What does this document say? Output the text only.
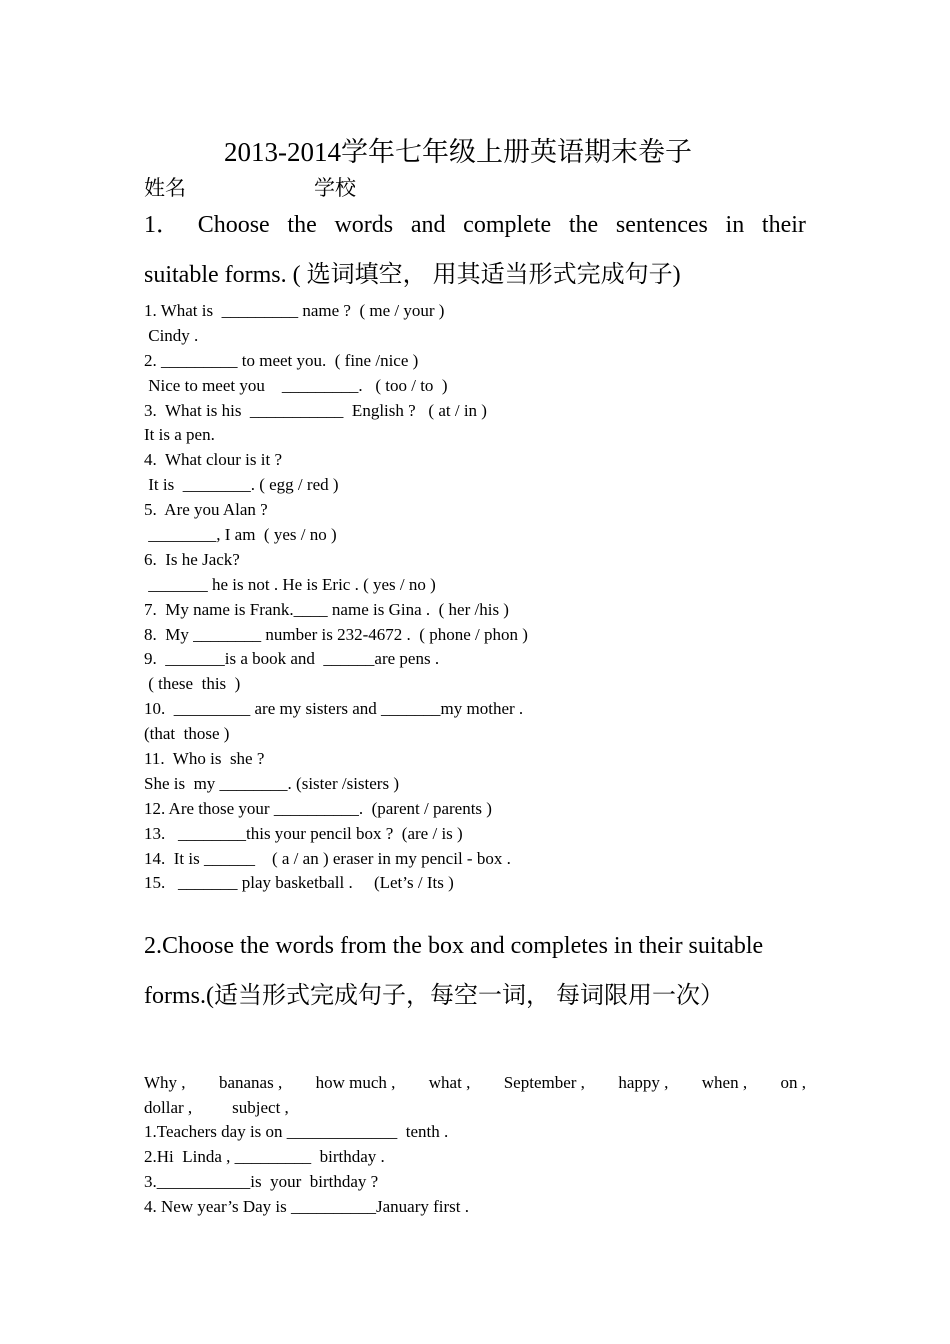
2013-2014学年七年级上册英语期末卷子
姓名	学校
1． Choose the words and complete the sentences in their
suitable forms. ( 选词填空， 用其适当形式完成句子)
1. What is  _________ name ?  ( me / your )
Cindy .
2. _________ to meet you.  ( fine /nice )
Nice to meet you    _________.   ( too / to  )
3.  What is his  ___________  English ?   ( at / in )
It is a pen.
4.  What clour is it ?
It is  ________. ( egg / red )
5.  Are you Alan ?
________, I am  ( yes / no )
6.  Is he Jack?
_______ he is not . He is Eric . ( yes / no )
7.  My name is Frank.____ name is Gina .  ( her /his )
8.  My ________ number is 232-4672 .  ( phone / phon )
9.  _______is a book and  ______are pens .
( these  this  )
10.  _________ are my sisters and _______my mother .
(that  those )
11.  Who is  she ?
She is  my ________. (sister /sisters )
12. Are those your __________.  (parent / parents )
13.   ________this your pencil box ?  (are / is )
14.  It is ______    ( a / an ) eraser in my pencil - box .
15.   _______ play basketball .     (Let’s / Its )
2.Choose the words from the box and completes in their suitable
forms.(适当形式完成句子，每空一词， 每词限用一次）
Why , bananas , how much , what , September , happy , when , on ,
dollar , subject ,
1.Teachers day is on _____________  tenth .
2.Hi  Linda , _________  birthday .
3.___________is  your  birthday ?
4. New year’s Day is __________January first .
